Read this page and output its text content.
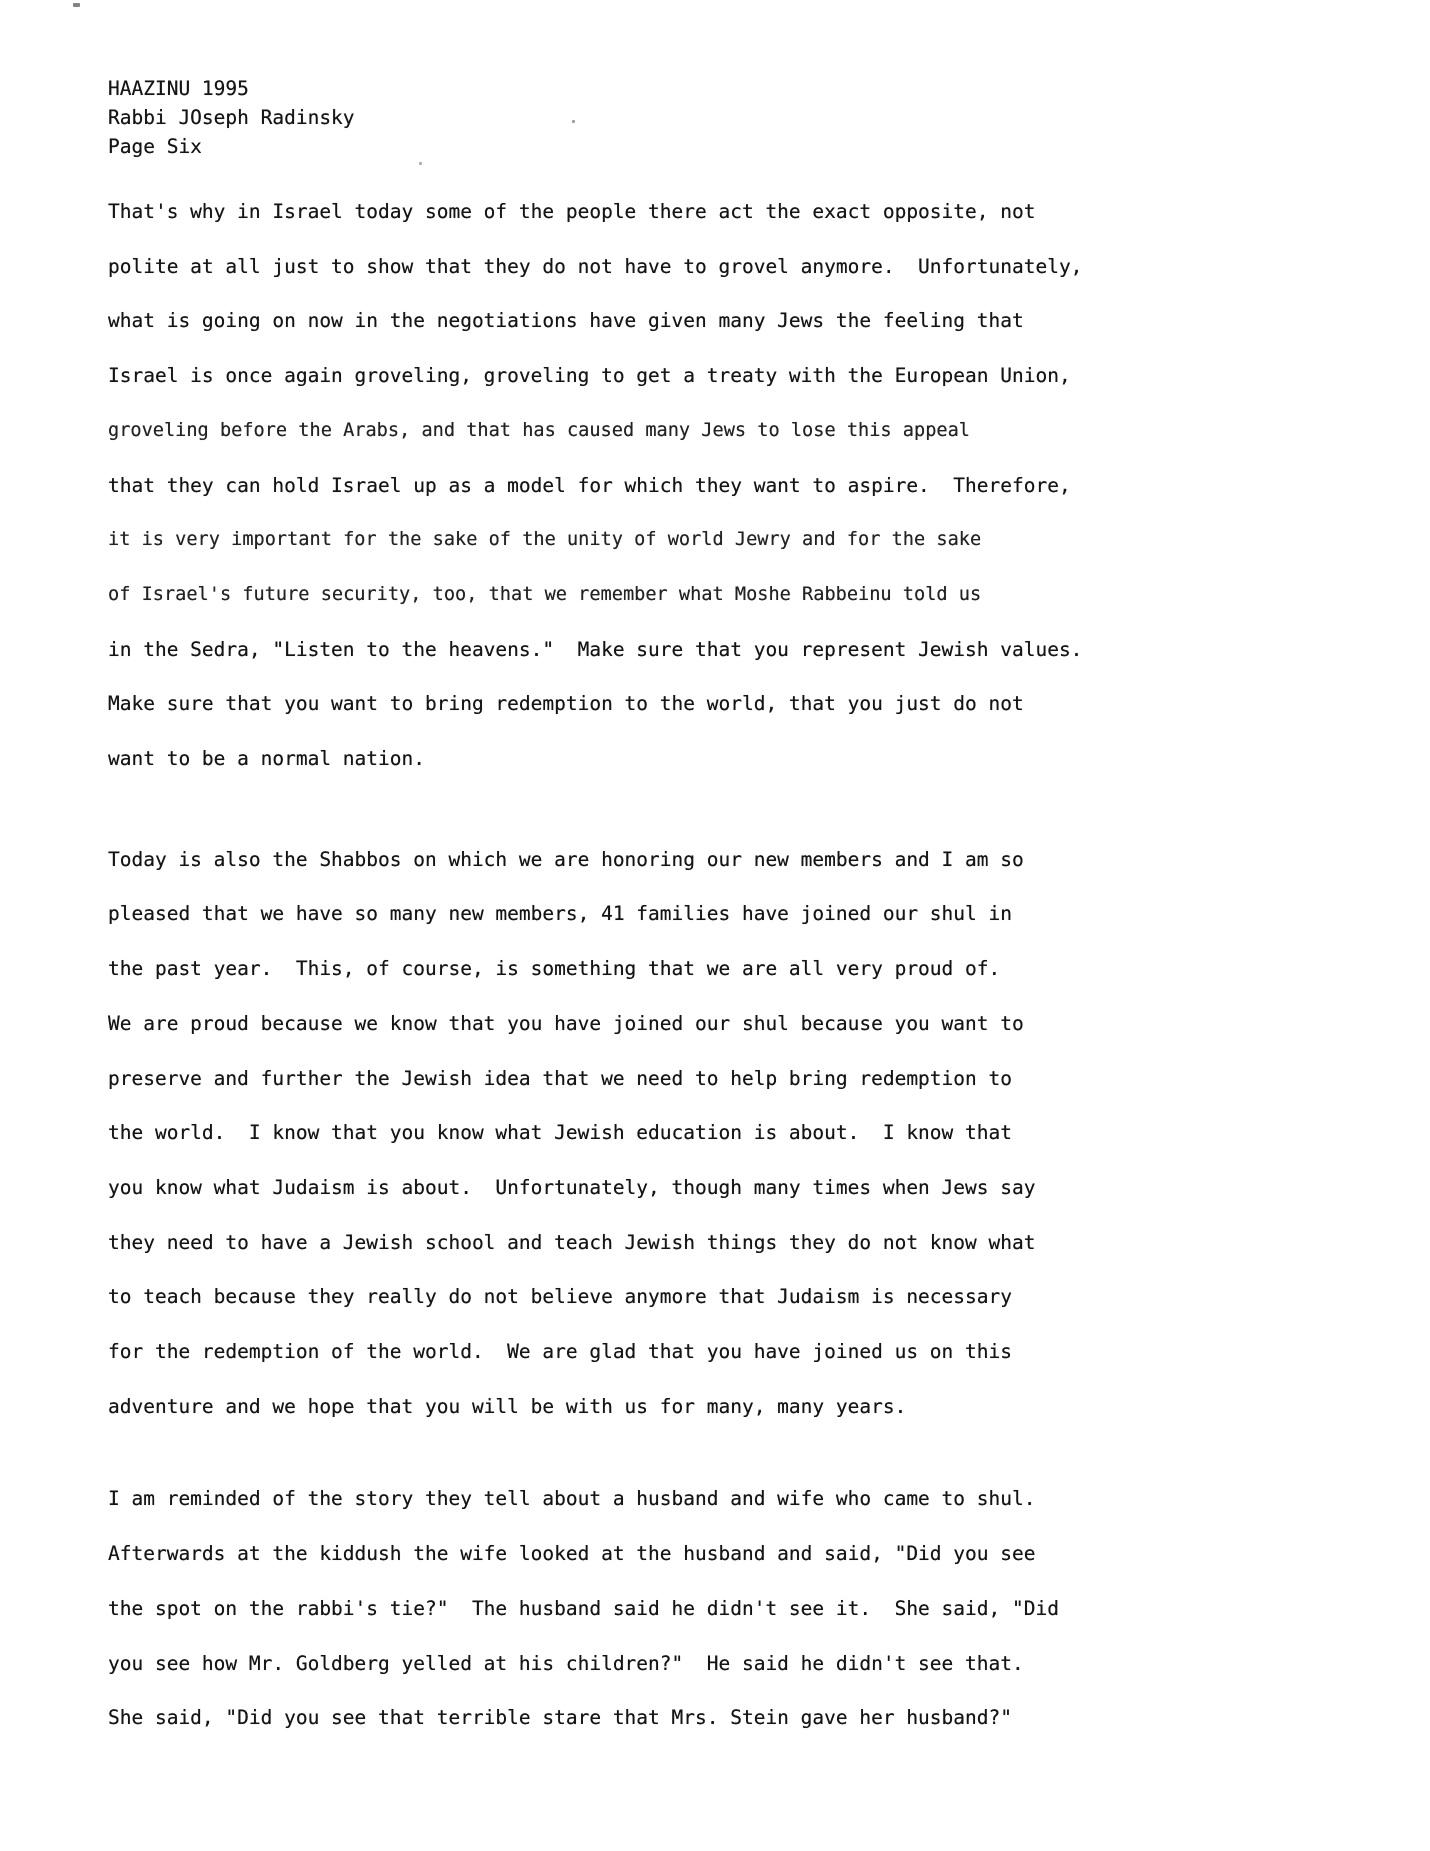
HAAZINU 1995
Rabbi JOseph Radinsky
Page Six
That's why in Israel today some of the people there act the exact opposite, not
polite at all just to show that they do not have to grovel anymore.  Unfortunately,
what is going on now in the negotiations have given many Jews the feeling that
Israel is once again groveling, groveling to get a treaty with the European Union,
groveling before the Arabs, and that has caused many Jews to lose this appeal
that they can hold Israel up as a model for which they want to aspire.  Therefore,
it is very important for the sake of the unity of world Jewry and for the sake
of Israel's future security, too, that we remember what Moshe Rabbeinu told us
in the Sedra, "Listen to the heavens."  Make sure that you represent Jewish values.
Make sure that you want to bring redemption to the world, that you just do not
want to be a normal nation.
Today is also the Shabbos on which we are honoring our new members and I am so
pleased that we have so many new members, 41 families have joined our shul in
the past year.  This, of course, is something that we are all very proud of.
We are proud because we know that you have joined our shul because you want to
preserve and further the Jewish idea that we need to help bring redemption to
the world.  I know that you know what Jewish education is about.  I know that
you know what Judaism is about.  Unfortunately, though many times when Jews say
they need to have a Jewish school and teach Jewish things they do not know what
to teach because they really do not believe anymore that Judaism is necessary
for the redemption of the world.  We are glad that you have joined us on this
adventure and we hope that you will be with us for many, many years.
I am reminded of the story they tell about a husband and wife who came to shul.
Afterwards at the kiddush the wife looked at the husband and said, "Did you see
the spot on the rabbi's tie?"  The husband said he didn't see it.  She said, "Did
you see how Mr. Goldberg yelled at his children?"  He said he didn't see that.
She said, "Did you see that terrible stare that Mrs. Stein gave her husband?"
